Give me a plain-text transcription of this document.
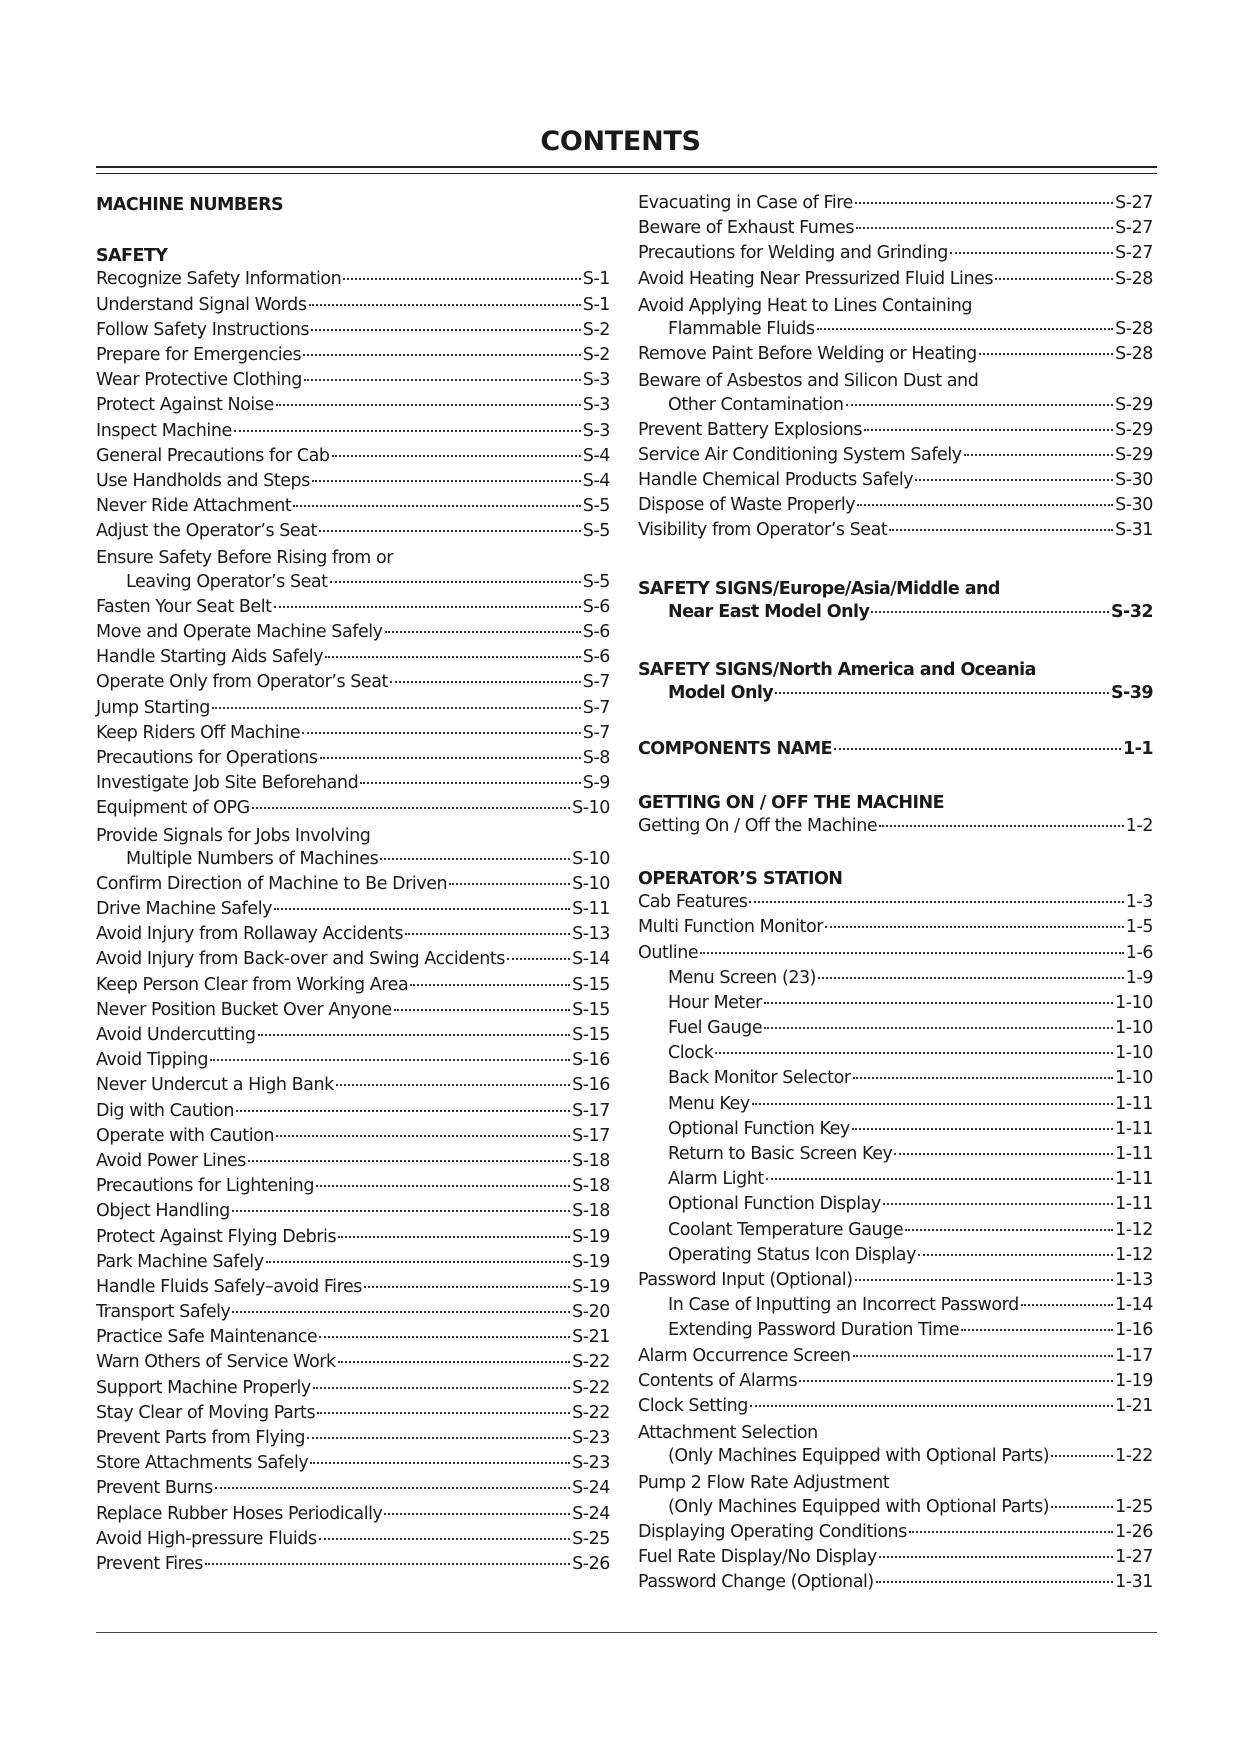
CONTENTS
MACHINE NUMBERS
SAFETY
Recognize Safety Information	S-1
Understand Signal Words	S-1
Follow Safety Instructions	S-2
Prepare for Emergencies	S-2
Wear Protective Clothing	S-3
Protect Against Noise	S-3
Inspect Machine	S-3
General Precautions for Cab	S-4
Use Handholds and Steps	S-4
Never Ride Attachment	S-5
Adjust the Operator’s Seat	S-5
Ensure Safety Before Rising from or
Leaving Operator’s Seat	S-5
Fasten Your Seat Belt	S-6
Move and Operate Machine Safely	S-6
Handle Starting Aids Safely	S-6
Operate Only from Operator’s Seat	S-7
Jump Starting	S-7
Keep Riders Off Machine	S-7
Precautions for Operations	S-8
Investigate Job Site Beforehand	S-9
Equipment of OPG	S-10
Provide Signals for Jobs Involving
Multiple Numbers of Machines	S-10
Confirm Direction of Machine to Be Driven	S-10
Drive Machine Safely	S-11
Avoid Injury from Rollaway Accidents	S-13
Avoid Injury from Back-over and Swing Accidents	S-14
Keep Person Clear from Working Area	S-15
Never Position Bucket Over Anyone	S-15
Avoid Undercutting	S-15
Avoid Tipping	S-16
Never Undercut a High Bank	S-16
Dig with Caution	S-17
Operate with Caution	S-17
Avoid Power Lines	S-18
Precautions for Lightening	S-18
Object Handling	S-18
Protect Against Flying Debris	S-19
Park Machine Safely	S-19
Handle Fluids Safely–avoid Fires	S-19
Transport Safely	S-20
Practice Safe Maintenance	S-21
Warn Others of Service Work	S-22
Support Machine Properly	S-22
Stay Clear of Moving Parts	S-22
Prevent Parts from Flying	S-23
Store Attachments Safely	S-23
Prevent Burns	S-24
Replace Rubber Hoses Periodically	S-24
Avoid High-pressure Fluids	S-25
Prevent Fires	S-26
Evacuating in Case of Fire	S-27
Beware of Exhaust Fumes	S-27
Precautions for Welding and Grinding	S-27
Avoid Heating Near Pressurized Fluid Lines	S-28
Avoid Applying Heat to Lines Containing
Flammable Fluids	S-28
Remove Paint Before Welding or Heating	S-28
Beware of Asbestos and Silicon Dust and
Other Contamination	S-29
Prevent Battery Explosions	S-29
Service Air Conditioning System Safely	S-29
Handle Chemical Products Safely	S-30
Dispose of Waste Properly	S-30
Visibility from Operator’s Seat	S-31
SAFETY SIGNS/Europe/Asia/Middle and
Near East Model Only	S-32
SAFETY SIGNS/North America and Oceania
Model Only	S-39
COMPONENTS NAME	1-1
GETTING ON / OFF THE MACHINE
Getting On / Off the Machine	1-2
OPERATOR’S STATION
Cab Features	1-3
Multi Function Monitor	1-5
Outline	1-6
Menu Screen (23)	1-9
Hour Meter	1-10
Fuel Gauge	1-10
Clock	1-10
Back Monitor Selector	1-10
Menu Key	1-11
Optional Function Key	1-11
Return to Basic Screen Key	1-11
Alarm Light	1-11
Optional Function Display	1-11
Coolant Temperature Gauge	1-12
Operating Status Icon Display	1-12
Password Input (Optional)	1-13
In Case of Inputting an Incorrect Password	1-14
Extending Password Duration Time	1-16
Alarm Occurrence Screen	1-17
Contents of Alarms	1-19
Clock Setting	1-21
Attachment Selection
(Only Machines Equipped with Optional Parts)	1-22
Pump 2 Flow Rate Adjustment
(Only Machines Equipped with Optional Parts)	1-25
Displaying Operating Conditions	1-26
Fuel Rate Display/No Display	1-27
Password Change (Optional)	1-31
